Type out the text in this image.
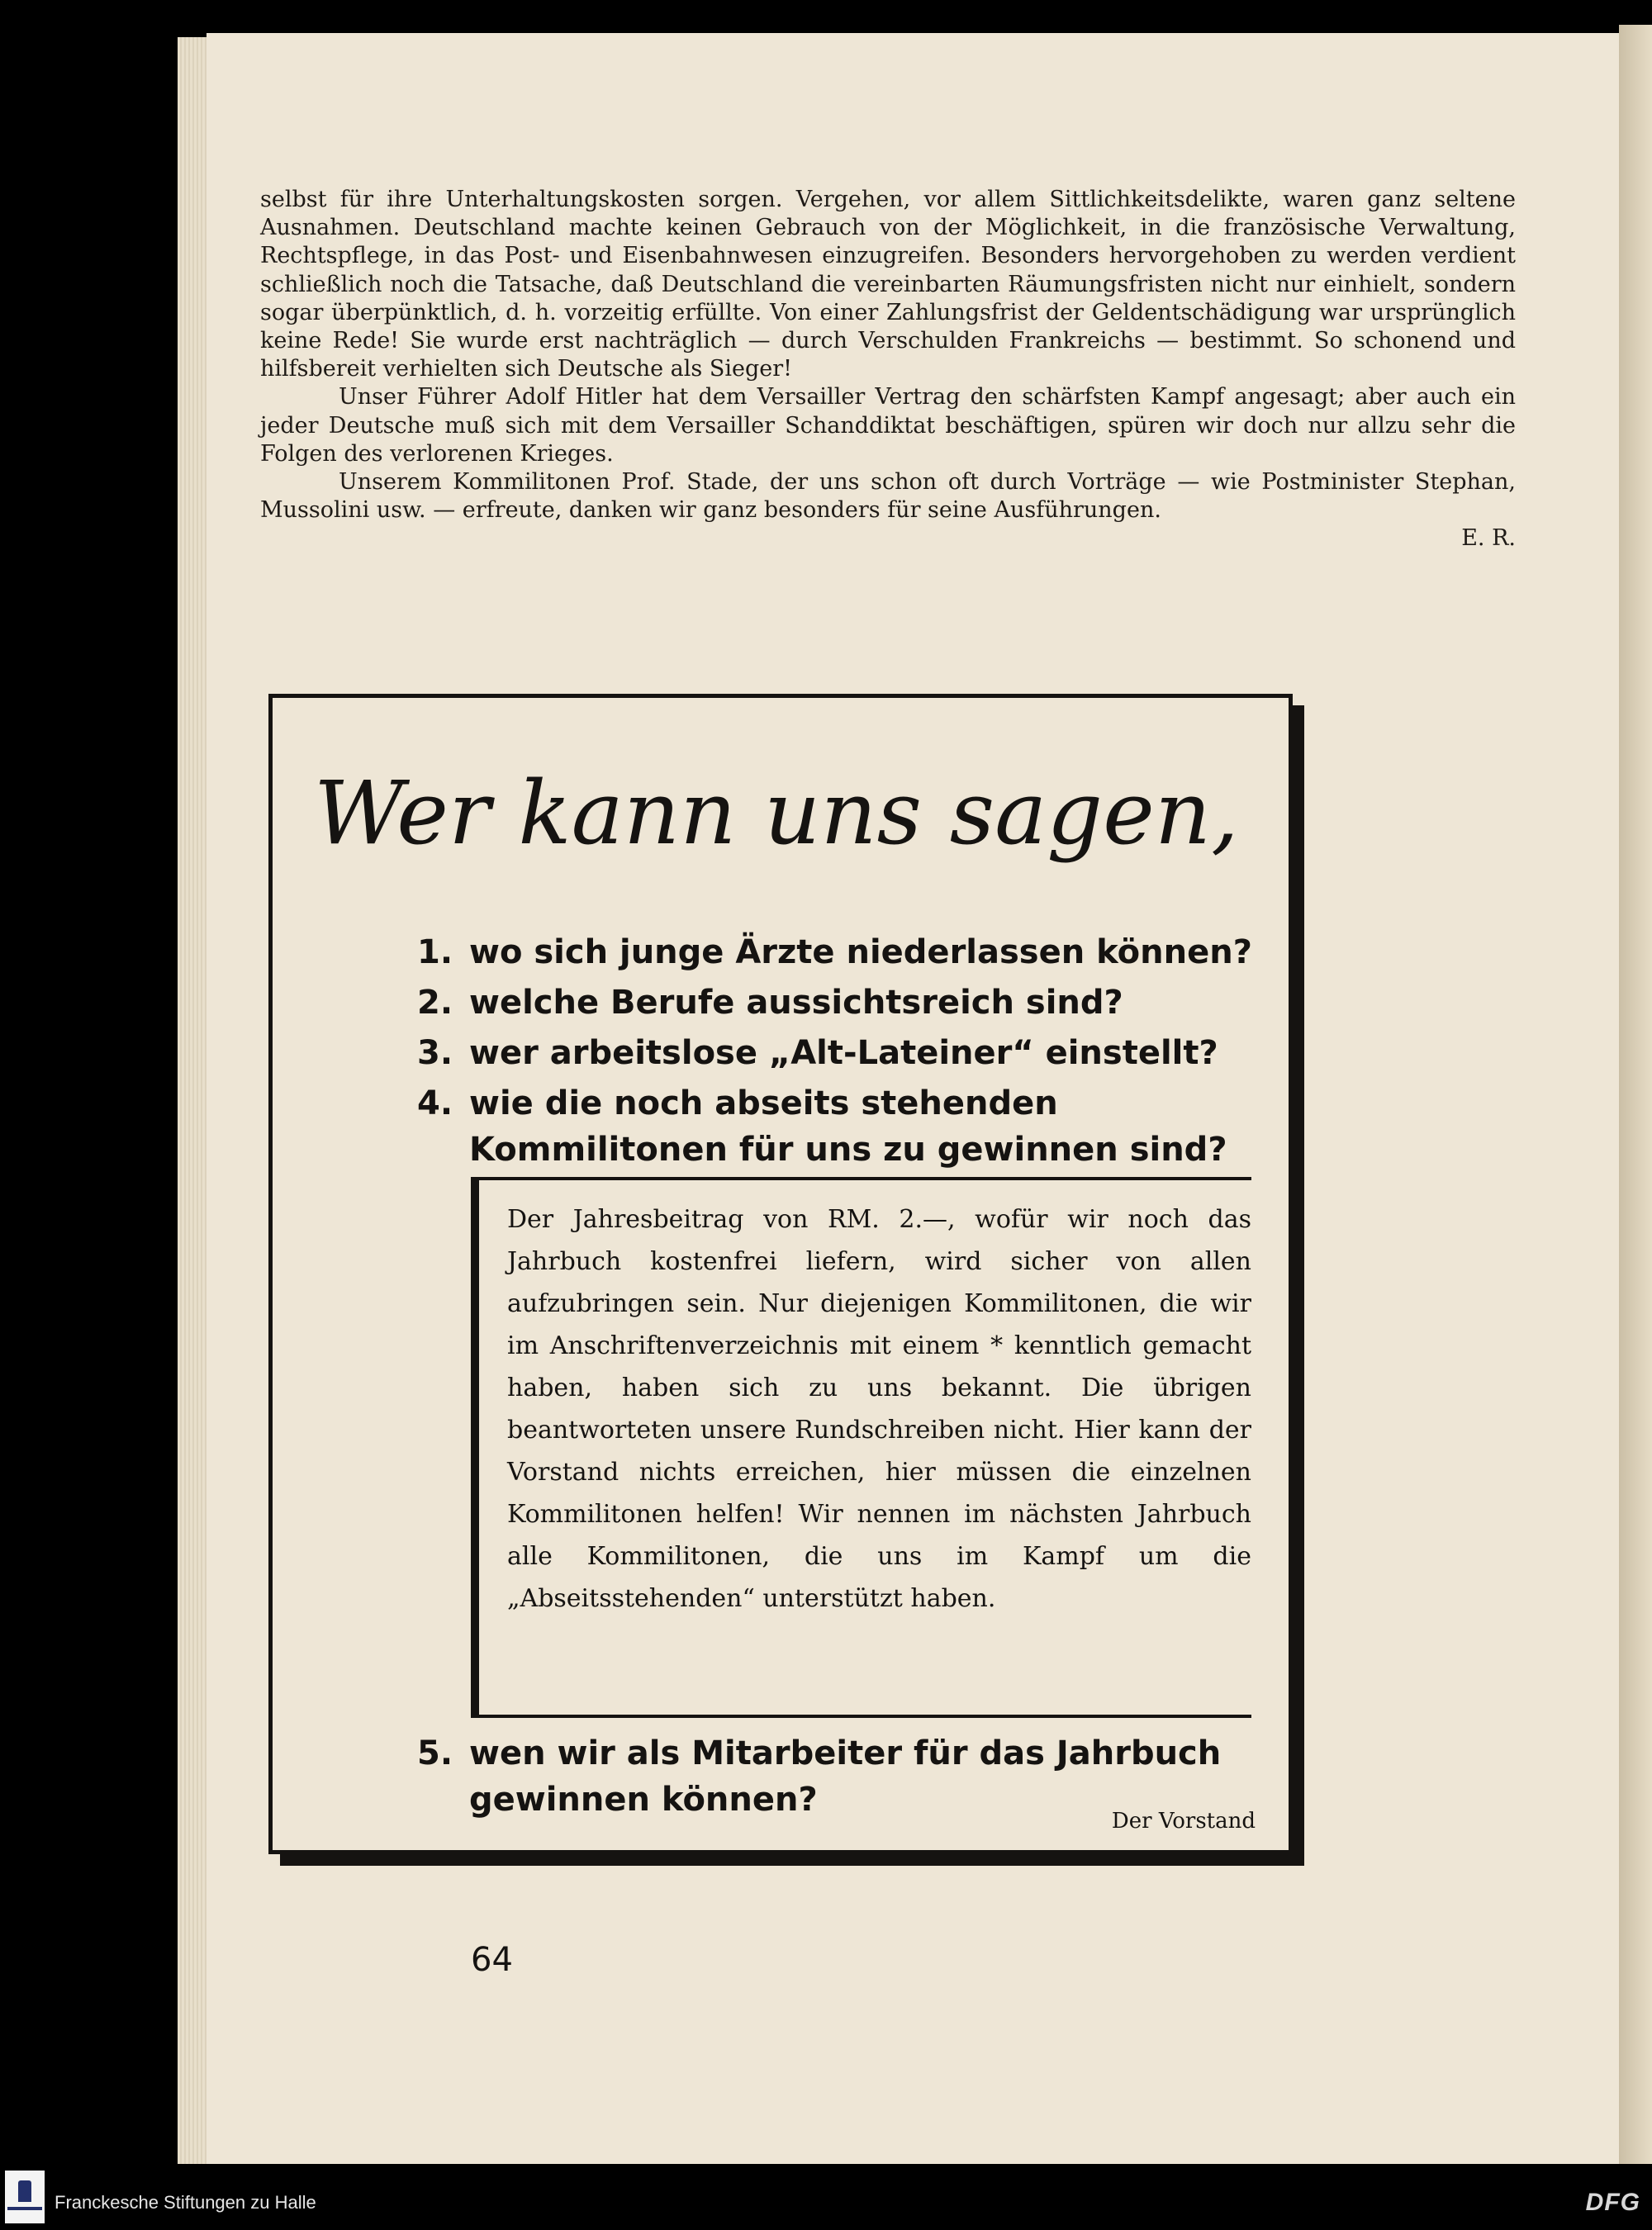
selbst für ihre Unterhaltungskosten sorgen. Vergehen, vor allem Sittlichkeitsdelikte, waren ganz seltene Ausnahmen. Deutschland machte keinen Gebrauch von der Möglichkeit, in die französische Verwaltung, Rechtspflege, in das Post- und Eisenbahnwesen einzugreifen. Besonders hervorgehoben zu werden verdient schließlich noch die Tatsache, daß Deutschland die vereinbarten Räumungsfristen nicht nur einhielt, sondern sogar überpünktlich, d. h. vorzeitig erfüllte. Von einer Zahlungsfrist der Geldentschädigung war ursprünglich keine Rede! Sie wurde erst nachträglich — durch Verschulden Frankreichs — bestimmt. So schonend und hilfsbereit verhielten sich Deutsche als Sieger!

Unser Führer Adolf Hitler hat dem Versailler Vertrag den schärfsten Kampf angesagt; aber auch ein jeder Deutsche muß sich mit dem Versailler Schanddiktat beschäftigen, spüren wir doch nur allzu sehr die Folgen des verlorenen Krieges.

Unserem Kommilitonen Prof. Stade, der uns schon oft durch Vorträge — wie Postminister Stephan, Mussolini usw. — erfreute, danken wir ganz besonders für seine Ausführungen.

E. R.

Wer kann uns sagen,
1. wo sich junge Ärzte niederlassen können?
2. welche Berufe aussichtsreich sind?
3. wer arbeitslose „Alt-Lateiner“ einstellt?
4. wie die noch abseits stehenden Kommilitonen für uns zu gewinnen sind?
Der Jahresbeitrag von RM. 2.—, wofür wir noch das Jahrbuch kostenfrei liefern, wird sicher von allen aufzubringen sein. Nur diejenigen Kommilitonen, die wir im Anschriftenverzeichnis mit einem * kenntlich gemacht haben, haben sich zu uns bekannt. Die übrigen beantworteten unsere Rundschreiben nicht. Hier kann der Vorstand nichts erreichen, hier müssen die einzelnen Kommilitonen helfen! Wir nennen im nächsten Jahrbuch alle Kommilitonen, die uns im Kampf um die „Abseitsstehenden“ unterstützt haben.
5. wen wir als Mitarbeiter für das Jahrbuch gewinnen können?
Der Vorstand
64
Franckesche Stiftungen zu Halle	DFG
